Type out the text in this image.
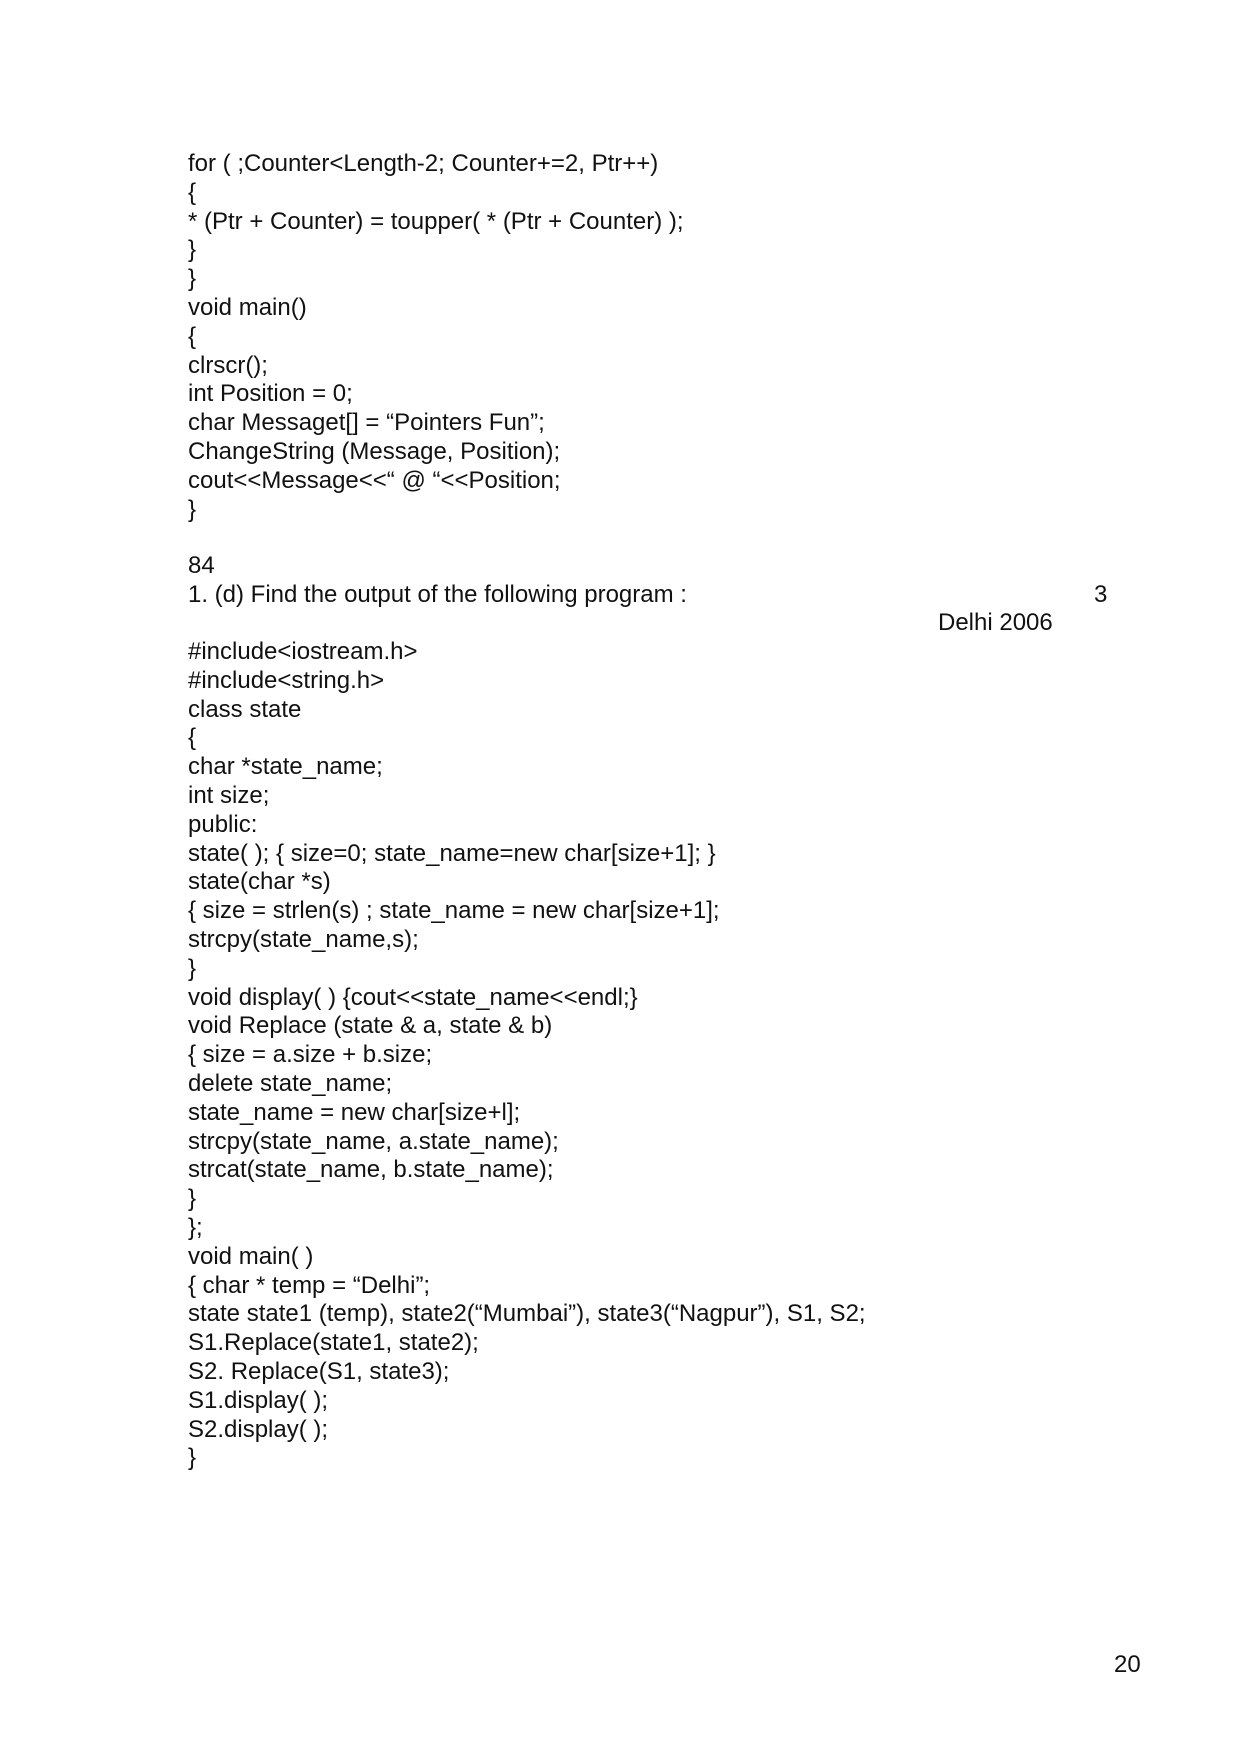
for ( ;Counter<Length-2; Counter+=2, Ptr++)
{
* (Ptr + Counter) = toupper( * (Ptr + Counter) );
}
}
void main()
{
clrscr();
int Position = 0;
char Messaget[] = “Pointers Fun”;
ChangeString (Message, Position);
cout<<Message<<“ @ “<<Position;
}
84
1. (d) Find the output of the following program :	3
Delhi 2006
#include<iostream.h>
#include<string.h>
class state
{
char *state_name;
int size;
public:
state( ); { size=0; state_name=new char[size+1]; }
state(char *s)
{ size = strlen(s) ; state_name = new char[size+1];
strcpy(state_name,s);
}
void display( ) {cout<<state_name<<endl;}
void Replace (state & a, state & b)
{ size = a.size + b.size;
delete state_name;
state_name = new char[size+l];
strcpy(state_name, a.state_name);
strcat(state_name, b.state_name);
}
};
void main( )
{ char * temp = “Delhi”;
state state1 (temp), state2(“Mumbai”), state3(“Nagpur”), S1, S2;
S1.Replace(state1, state2);
S2. Replace(S1, state3);
S1.display( );
S2.display( );
}
20
